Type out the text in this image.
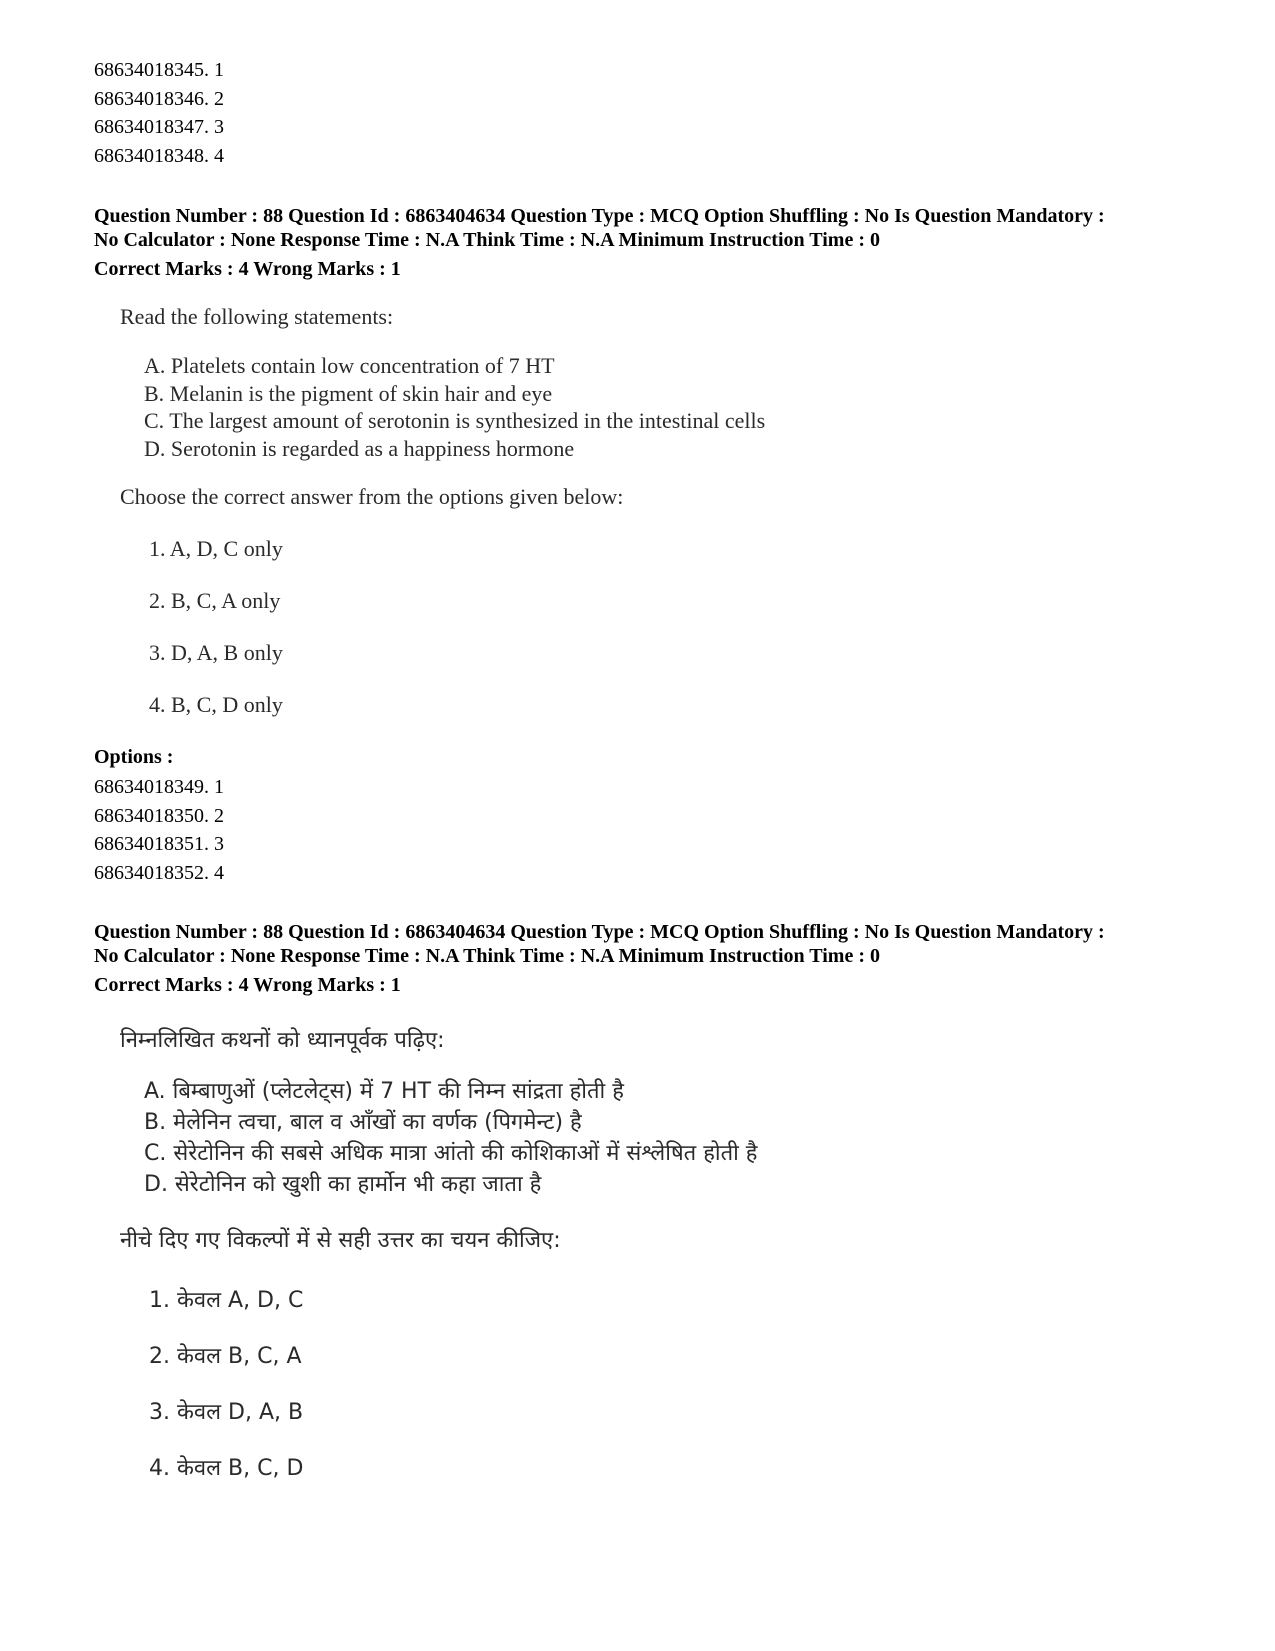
68634018345. 1
68634018346. 2
68634018347. 3
68634018348. 4
Question Number : 88 Question Id : 6863404634 Question Type : MCQ Option Shuffling : No Is Question Mandatory :
No Calculator : None Response Time : N.A Think Time : N.A Minimum Instruction Time : 0
Correct Marks : 4 Wrong Marks : 1
Read the following statements:
A. Platelets contain low concentration of 7 HT
B. Melanin is the pigment of skin hair and eye
C. The largest amount of serotonin is synthesized in the intestinal cells
D. Serotonin is regarded as a happiness hormone
Choose the correct answer from the options given below:
1. A, D, C only
2. B, C, A only
3. D, A, B only
4. B, C, D only
Options :
68634018349. 1
68634018350. 2
68634018351. 3
68634018352. 4
Question Number : 88 Question Id : 6863404634 Question Type : MCQ Option Shuffling : No Is Question Mandatory :
No Calculator : None Response Time : N.A Think Time : N.A Minimum Instruction Time : 0
Correct Marks : 4 Wrong Marks : 1
निम्नलिखित कथनों को ध्यानपूर्वक पढ़िए:
A. बिम्बाणुओं (प्लेटलेट्स) में 7 HT की निम्न सांद्रता होती है
B. मेलेनिन त्वचा, बाल व आँखों का वर्णक (पिगमेन्ट) है
C. सेरेटोनिन की सबसे अधिक मात्रा आंतो की कोशिकाओं में संश्लेषित होती है
D. सेरेटोनिन को खुशी का हार्मोन भी कहा जाता है
नीचे दिए गए विकल्पों में से सही उत्तर का चयन कीजिए:
1. केवल A, D, C
2. केवल B, C, A
3. केवल D, A, B
4. केवल B, C, D
